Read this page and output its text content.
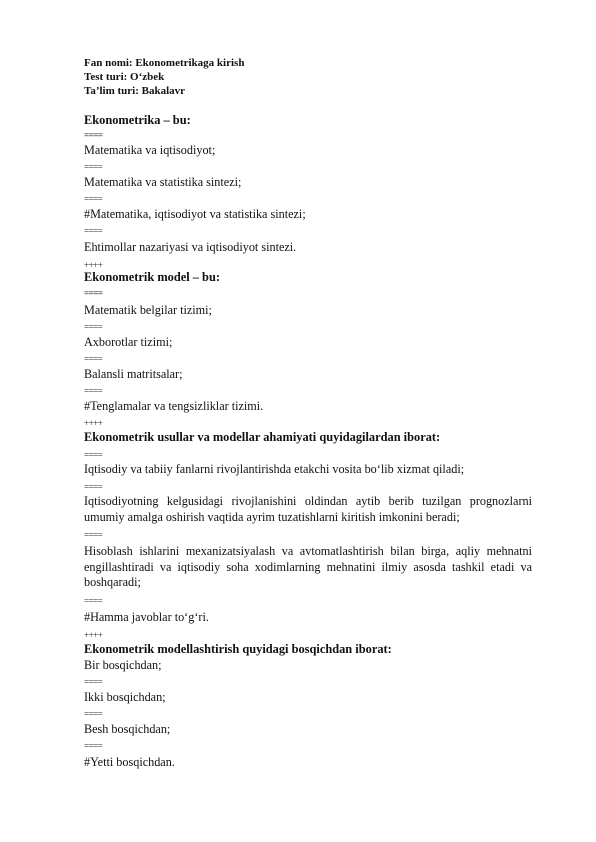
Fan nomi: Ekonometrikaga kirish
Test turi: O‘zbek
Ta’lim turi: Bakalavr
Ekonometrika – bu:
====
Matematika va iqtisodiyot;
====
Matematika va statistika sintezi;
====
#Matematika, iqtisodiyot va statistika sintezi;
====
Ehtimollar nazariyasi va iqtisodiyot sintezi.
++++
Ekonometrik model – bu:
====
Matematik belgilar tizimi;
====
Axborotlar tizimi;
====
Balansli matritsalar;
====
#Tenglamalar va tengsizliklar tizimi.
++++
Ekonometrik usullar va modellar ahamiyati quyidagilardan iborat:
====
Iqtisodiy va tabiiy fanlarni rivojlantirishda etakchi vosita bo‘lib xizmat qiladi;
====
Iqtisodiyotning kelgusidagi rivojlanishini oldindan aytib berib tuzilgan prognozlarni umumiy amalga oshirish vaqtida ayrim tuzatishlarni kiritish imkonini beradi;
====
Hisoblash ishlarini mexanizatsiyalash va avtomatlashtirish bilan birga, aqliy mehnatni engillashtiradi va iqtisodiy soha xodimlarning mehnatini ilmiy asosda tashkil etadi va boshqaradi;
====
#Hamma javoblar to‘g‘ri.
++++
Ekonometrik modellashtirish quyidagi bosqichdan iborat:
Bir bosqichdan;
====
Ikki bosqichdan;
====
Besh bosqichdan;
====
#Yetti bosqichdan.
